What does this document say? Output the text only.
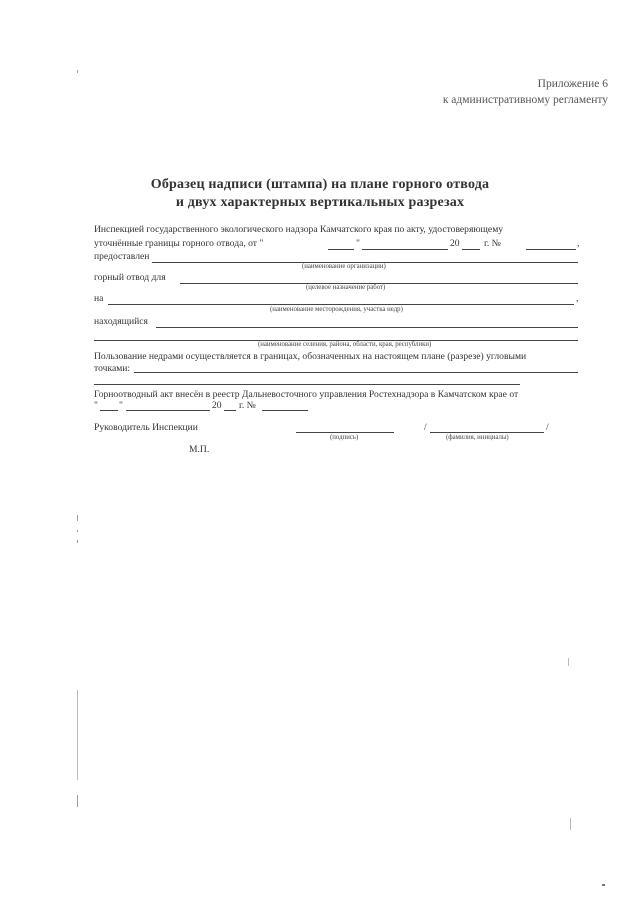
Приложение 6
к административному регламенту
Образец надписи (штампа) на плане горного отвода
и двух характерных вертикальных разрезах
Инспекцией государственного экологического надзора Камчатского края по акту, удостоверяющему
уточнённые границы горного отвода, от "	"	20	г. №	,
предоставлен
(наименование организации)
горный отвод для
(целевое назначение работ)
на	,
(наименование месторождения, участка недр)
находящийся
(наименование селения, района, области, края, республики)
Пользование недрами осуществляется в границах, обозначенных на настоящем плане (разрезе) угловыми
точками:
Горноотводный акт внесён в реестр Дальневосточного управления Ростехнадзора в Камчатском крае от
" "	20 г. №
Руководитель Инспекции	/	/
(подпись)	(фамилия, инициалы)
М.П.
